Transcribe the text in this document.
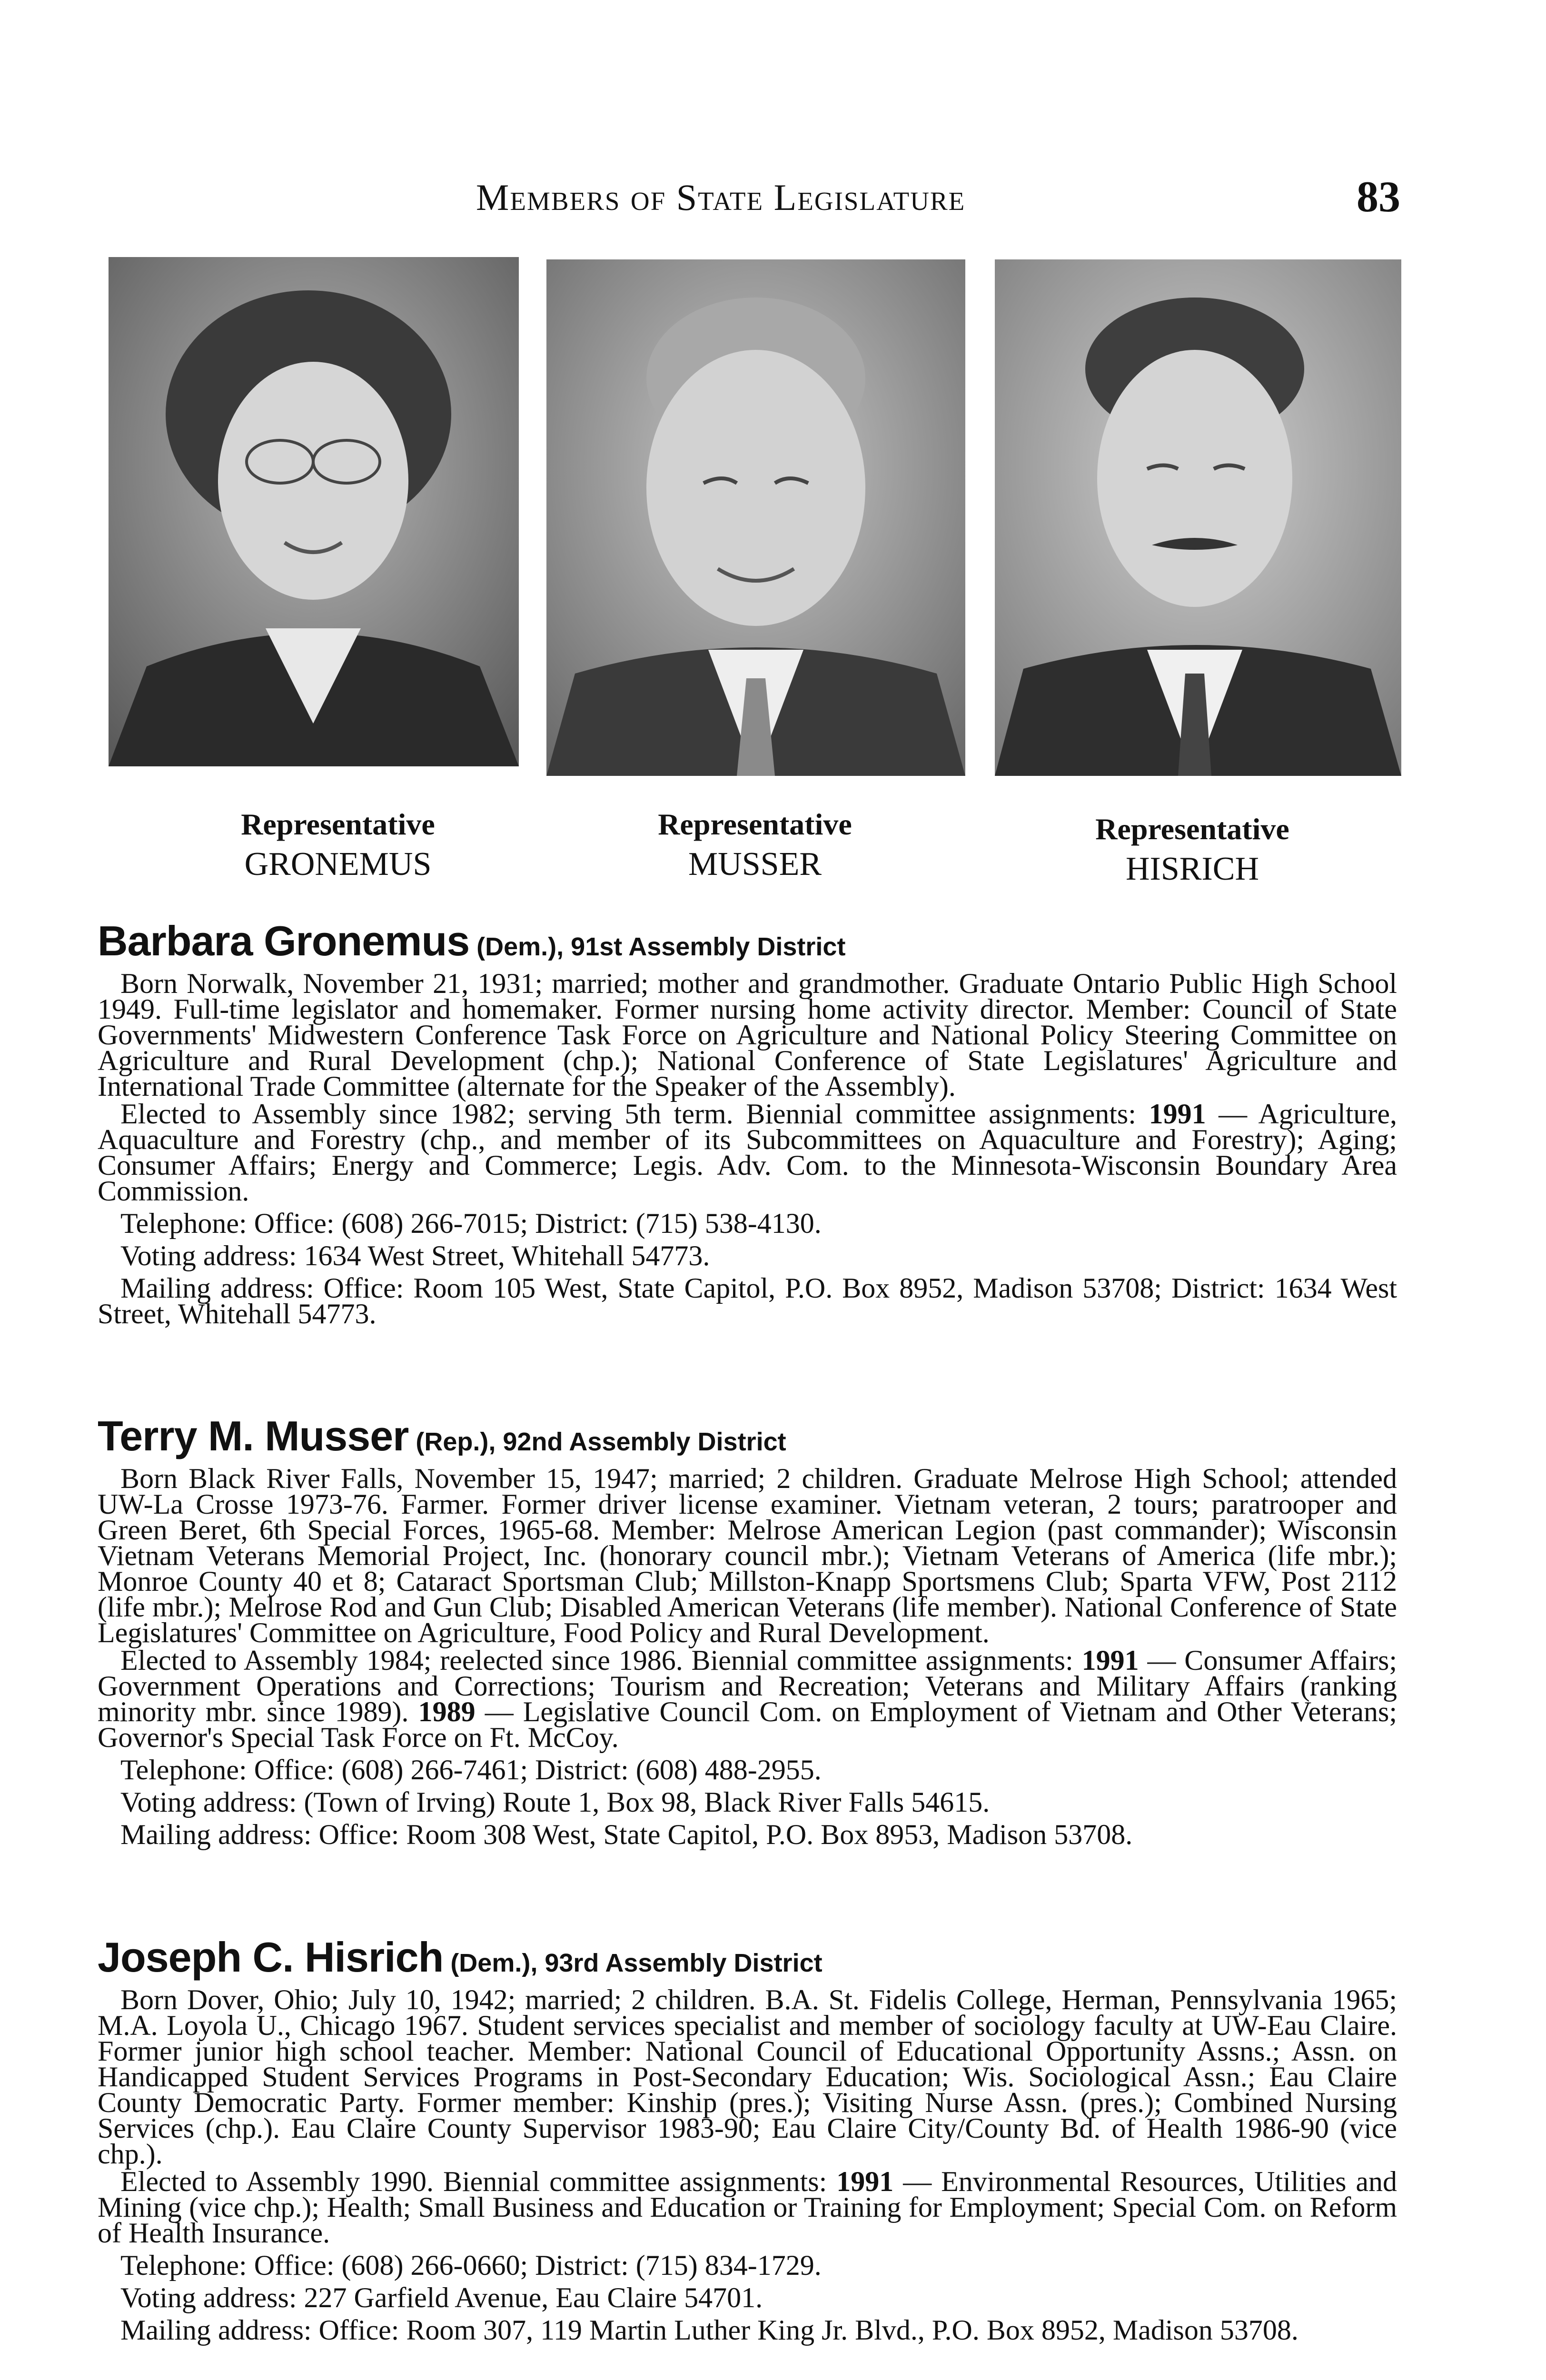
Members of State Legislature	83
Representative
GRONEMUS
Representative
MUSSER
Representative
HISRICH
Barbara Gronemus (Dem.), 91st Assembly District

Born Norwalk, November 21, 1931; married; mother and grandmother. Graduate Ontario Public High School 1949. Full-time legislator and homemaker. Former nursing home activity director. Member: Council of State Governments' Midwestern Conference Task Force on Agriculture and National Policy Steering Committee on Agriculture and Rural Development (chp.); National Conference of State Legislatures' Agriculture and International Trade Committee (alternate for the Speaker of the Assembly).

Elected to Assembly since 1982; serving 5th term. Biennial committee assignments: 1991 — Agriculture, Aquaculture and Forestry (chp., and member of its Subcommittees on Aquaculture and Forestry); Aging; Consumer Affairs; Energy and Commerce; Legis. Adv. Com. to the Minnesota-Wisconsin Boundary Area Commission.

Telephone: Office: (608) 266-7015; District: (715) 538-4130.

Voting address: 1634 West Street, Whitehall 54773.

Mailing address: Office: Room 105 West, State Capitol, P.O. Box 8952, Madison 53708; District: 1634 West Street, Whitehall 54773.

Terry M. Musser (Rep.), 92nd Assembly District

Born Black River Falls, November 15, 1947; married; 2 children. Graduate Melrose High School; attended UW-La Crosse 1973-76. Farmer. Former driver license examiner. Vietnam veteran, 2 tours; paratrooper and Green Beret, 6th Special Forces, 1965-68. Member: Melrose American Legion (past commander); Wisconsin Vietnam Veterans Memorial Project, Inc. (honorary council mbr.); Vietnam Veterans of America (life mbr.); Monroe County 40 et 8; Cataract Sportsman Club; Millston-Knapp Sportsmens Club; Sparta VFW, Post 2112 (life mbr.); Melrose Rod and Gun Club; Disabled American Veterans (life member). National Conference of State Legislatures' Committee on Agriculture, Food Policy and Rural Development.

Elected to Assembly 1984; reelected since 1986. Biennial committee assignments: 1991 — Consumer Affairs; Government Operations and Corrections; Tourism and Recreation; Veterans and Military Affairs (ranking minority mbr. since 1989). 1989 — Legislative Council Com. on Employment of Vietnam and Other Veterans; Governor's Special Task Force on Ft. McCoy.

Telephone: Office: (608) 266-7461; District: (608) 488-2955.

Voting address: (Town of Irving) Route 1, Box 98, Black River Falls 54615.

Mailing address: Office: Room 308 West, State Capitol, P.O. Box 8953, Madison 53708.

Joseph C. Hisrich (Dem.), 93rd Assembly District

Born Dover, Ohio; July 10, 1942; married; 2 children. B.A. St. Fidelis College, Herman, Pennsylvania 1965; M.A. Loyola U., Chicago 1967. Student services specialist and member of sociology faculty at UW-Eau Claire. Former junior high school teacher. Member: National Council of Educational Opportunity Assns.; Assn. on Handicapped Student Services Programs in Post-Secondary Education; Wis. Sociological Assn.; Eau Claire County Democratic Party. Former member: Kinship (pres.); Visiting Nurse Assn. (pres.); Combined Nursing Services (chp.). Eau Claire County Supervisor 1983-90; Eau Claire City/County Bd. of Health 1986-90 (vice chp.).

Elected to Assembly 1990. Biennial committee assignments: 1991 — Environmental Resources, Utilities and Mining (vice chp.); Health; Small Business and Education or Training for Employment; Special Com. on Reform of Health Insurance.

Telephone: Office: (608) 266-0660; District: (715) 834-1729.

Voting address: 227 Garfield Avenue, Eau Claire 54701.

Mailing address: Office: Room 307, 119 Martin Luther King Jr. Blvd., P.O. Box 8952, Madison 53708.
